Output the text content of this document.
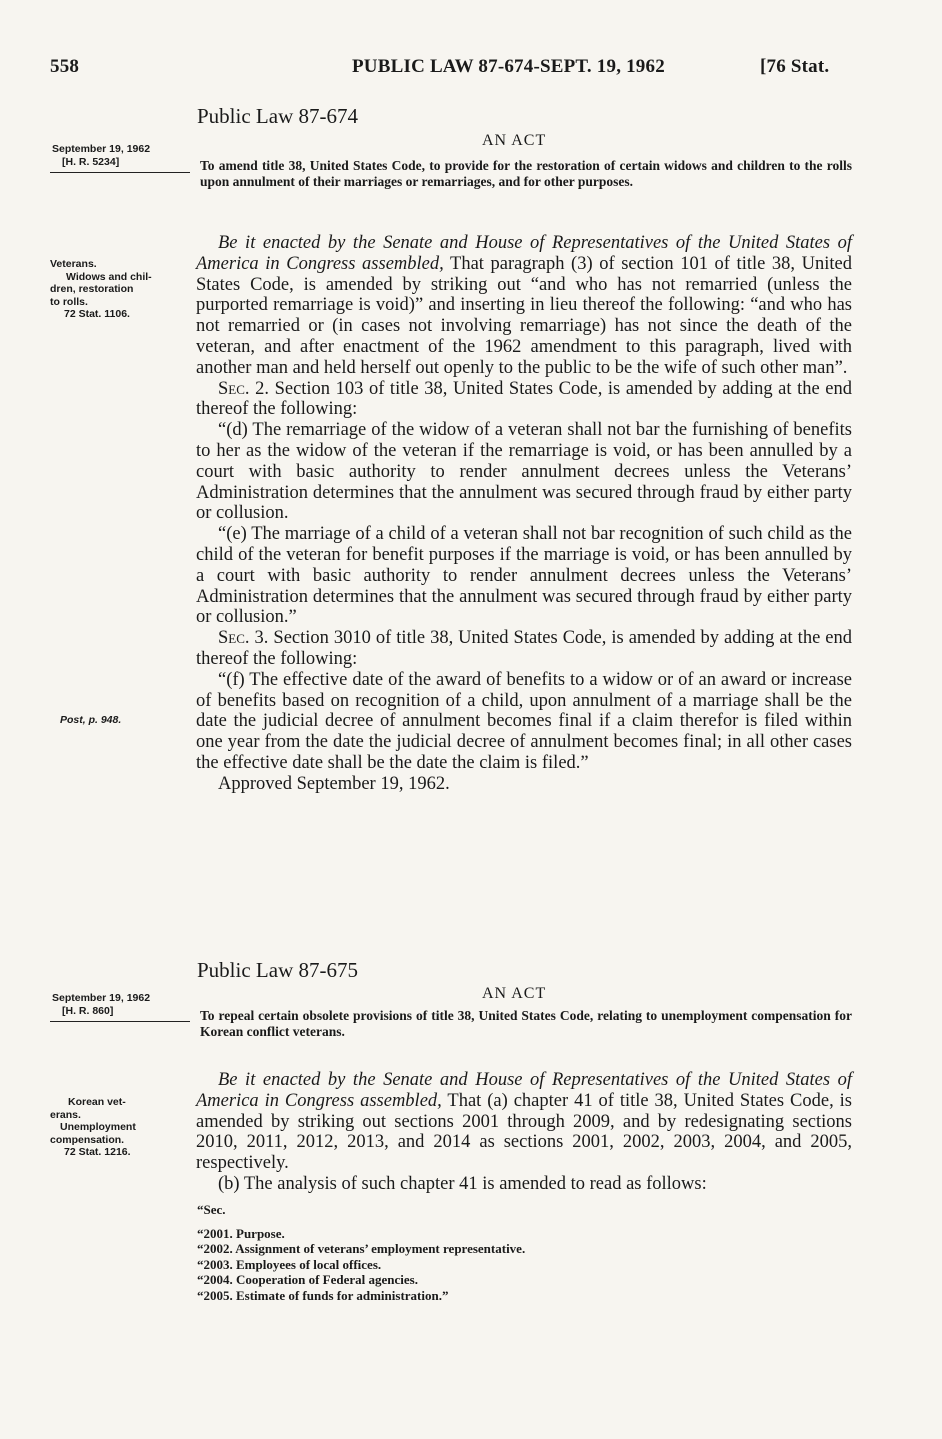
558	PUBLIC LAW 87-674-SEPT. 19, 1962	[76 Stat.
Public Law 87-674
AN ACT
September 19, 1962
[H. R. 5234]	To amend title 38, United States Code, to provide for the restoration of certain widows and children to the rolls upon annulment of their marriages or remarriages, and for other purposes.
Veterans.
Widows and chil-
dren, restoration
to rolls.
72 Stat. 1106.
Post, p. 948.

Be it enacted by the Senate and House of Representatives of the United States of America in Congress assembled, That paragraph (3) of section 101 of title 38, United States Code, is amended by striking out “and who has not remarried (unless the purported remarriage is void)” and inserting in lieu thereof the following: “and who has not remarried or (in cases not involving remarriage) has not since the death of the veteran, and after enactment of the 1962 amendment to this paragraph, lived with another man and held herself out openly to the public to be the wife of such other man”.

Sec. 2. Section 103 of title 38, United States Code, is amended by adding at the end thereof the following:

“(d) The remarriage of the widow of a veteran shall not bar the furnishing of benefits to her as the widow of the veteran if the remarriage is void, or has been annulled by a court with basic authority to render annulment decrees unless the Veterans’ Administration determines that the annulment was secured through fraud by either party or collusion.

“(e) The marriage of a child of a veteran shall not bar recognition of such child as the child of the veteran for benefit purposes if the marriage is void, or has been annulled by a court with basic authority to render annulment decrees unless the Veterans’ Administration determines that the annulment was secured through fraud by either party or collusion.”

Sec. 3. Section 3010 of title 38, United States Code, is amended by adding at the end thereof the following:

“(f) The effective date of the award of benefits to a widow or of an award or increase of benefits based on recognition of a child, upon annulment of a marriage shall be the date the judicial decree of annulment becomes final if a claim therefor is filed within one year from the date the judicial decree of annulment becomes final; in all other cases the effective date shall be the date the claim is filed.”

Approved September 19, 1962.

Public Law 87-675
AN ACT
September 19, 1962
[H. R. 860]	To repeal certain obsolete provisions of title 38, United States Code, relating to unemployment compensation for Korean conflict veterans.
Korean vet-
erans.
Unemployment
compensation.
72 Stat. 1216.

Be it enacted by the Senate and House of Representatives of the United States of America in Congress assembled, That (a) chapter 41 of title 38, United States Code, is amended by striking out sections 2001 through 2009, and by redesignating sections 2010, 2011, 2012, 2013, and 2014 as sections 2001, 2002, 2003, 2004, and 2005, respectively.

(b) The analysis of such chapter 41 is amended to read as follows:

“Sec.
“2001. Purpose.
“2002. Assignment of veterans’ employment representative.
“2003. Employees of local offices.
“2004. Cooperation of Federal agencies.
“2005. Estimate of funds for administration.”
